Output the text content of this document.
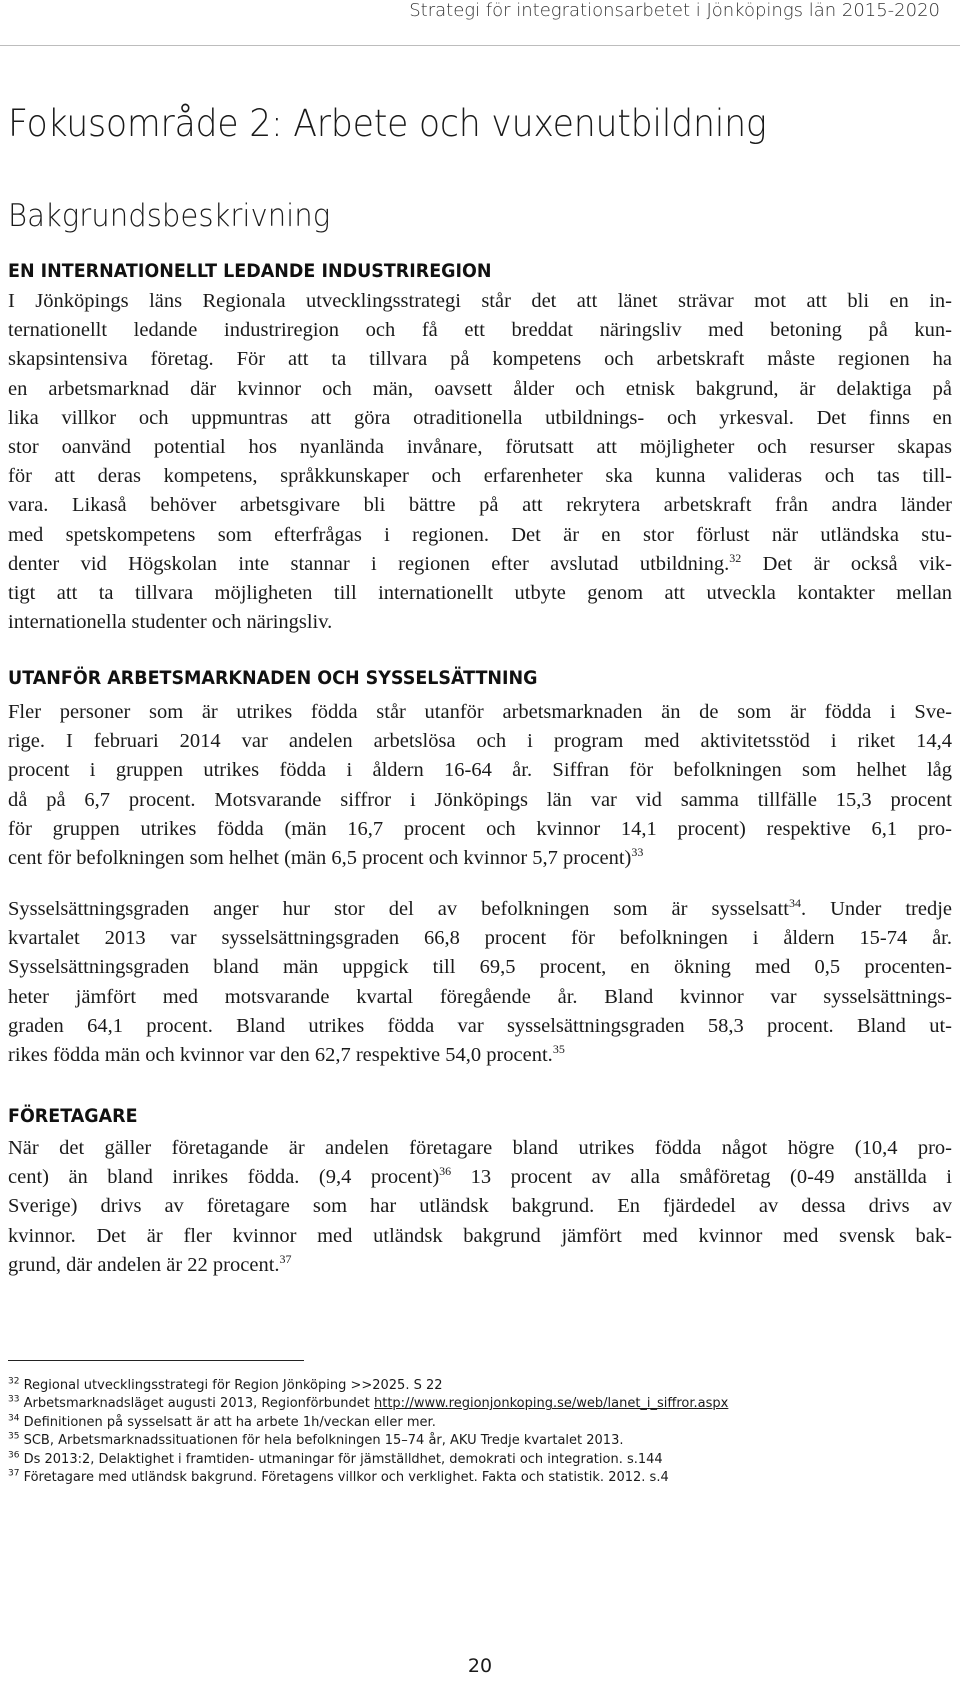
Strategi för integrationsarbetet i Jönköpings län 2015-2020
Fokusområde 2: Arbete och vuxenutbildning
Bakgrundsbeskrivning
EN INTERNATIONELLT LEDANDE INDUSTRIREGION
I Jönköpings läns Regionala utvecklingsstrategi står det att länet strävar mot att bli en in-
ternationellt ledande industriregion och få ett breddat näringsliv med betoning på kun-
skapsintensiva företag. För att ta tillvara på kompetens och arbetskraft måste regionen ha
en arbetsmarknad där kvinnor och män, oavsett ålder och etnisk bakgrund, är delaktiga på
lika villkor och uppmuntras att göra otraditionella utbildnings- och yrkesval. Det finns en
stor oanvänd potential hos nyanlända invånare, förutsatt att möjligheter och resurser skapas
för att deras kompetens, språkkunskaper och erfarenheter ska kunna valideras och tas till-
vara. Likaså behöver arbetsgivare bli bättre på att rekrytera arbetskraft från andra länder
med spetskompetens som efterfrågas i regionen. Det är en stor förlust när utländska stu-
denter vid Högskolan inte stannar i regionen efter avslutad utbildning.$^{32}$ Det är också vik-
tigt att ta tillvara möjligheten till internationellt utbyte genom att utveckla kontakter mellan
internationella studenter och näringsliv.
UTANFÖR ARBETSMARKNADEN OCH SYSSELSÄTTNING
Fler personer som är utrikes födda står utanför arbetsmarknaden än de som är födda i Sve-
rige. I februari 2014 var andelen arbetslösa och i program med aktivitetsstöd i riket 14,4
procent i gruppen utrikes födda i åldern 16-64 år. Siffran för befolkningen som helhet låg
då på 6,7 procent. Motsvarande siffror i Jönköpings län var vid samma tillfälle 15,3 procent
för gruppen utrikes födda (män 16,7 procent och kvinnor 14,1 procent) respektive 6,1 pro-
cent för befolkningen som helhet (män 6,5 procent och kvinnor 5,7 procent)$^{33}$
Sysselsättningsgraden anger hur stor del av befolkningen som är sysselsatt$^{34}$. Under tredje
kvartalet 2013 var sysselsättningsgraden 66,8 procent för befolkningen i åldern 15-74 år.
Sysselsättningsgraden bland män uppgick till 69,5 procent, en ökning med 0,5 procenten-
heter jämfört med motsvarande kvartal föregående år. Bland kvinnor var sysselsättnings-
graden 64,1 procent. Bland utrikes födda var sysselsättningsgraden 58,3 procent. Bland ut-
rikes födda män och kvinnor var den 62,7 respektive 54,0 procent.$^{35}$
FÖRETAGARE
När det gäller företagande är andelen företagare bland utrikes födda något högre (10,4 pro-
cent) än bland inrikes födda. (9,4 procent)$^{36}$ 13 procent av alla småföretag (0-49 anställda i
Sverige) drivs av företagare som har utländsk bakgrund. En fjärdedel av dessa drivs av
kvinnor. Det är fler kvinnor med utländsk bakgrund jämfört med kvinnor med svensk bak-
grund, där andelen är 22 procent.$^{37}$
$^{32}$ Regional utvecklingsstrategi för Region Jönköping >>2025. S 22
$^{33}$ Arbetsmarknadsläget augusti 2013, Regionförbundet http://www.regionjonkoping.se/web/lanet_i_siffror.aspx
$^{34}$ Definitionen på sysselsatt är att ha arbete 1h/veckan eller mer.
$^{35}$ SCB, Arbetsmarknadssituationen för hela befolkningen 15–74 år, AKU Tredje kvartalet 2013.
$^{36}$ Ds 2013:2, Delaktighet i framtiden- utmaningar för jämställdhet, demokrati och integration. s.144
$^{37}$ Företagare med utländsk bakgrund. Företagens villkor och verklighet. Fakta och statistik. 2012. s.4
20
